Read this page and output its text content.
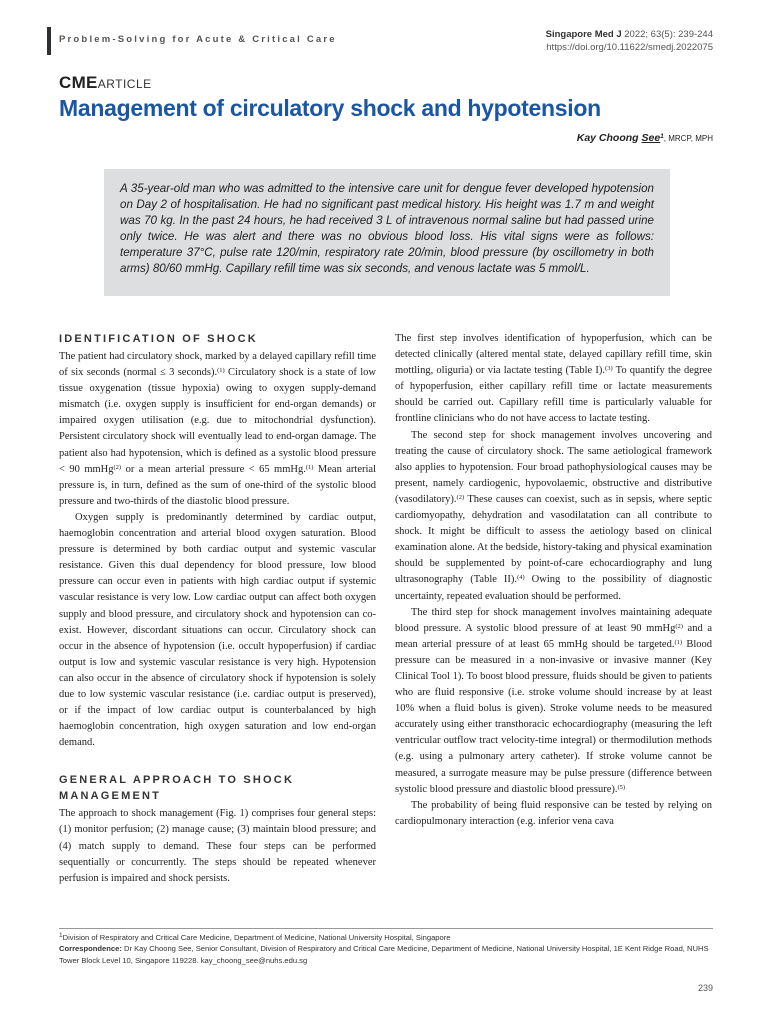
Problem-Solving for Acute & Critical Care	Singapore Med J 2022; 63(5): 239-244
https://doi.org/10.11622/smedj.2022075
CMEARTICLE
Management of circulatory shock and hypotension
Kay Choong See$^1$, MRCP, MPH

A 35-year-old man who was admitted to the intensive care unit for dengue fever developed hypotension on Day 2 of hospitalisation. He had no significant past medical history. His height was 1.7 m and weight was 70 kg. In the past 24 hours, he had received 3 L of intravenous normal saline but had passed urine only twice. He was alert and there was no obvious blood loss. His vital signs were as follows: temperature 37°C, pulse rate 120/min, respiratory rate 20/min, blood pressure (by oscillometry in both arms) 80/60 mmHg. Capillary refill time was six seconds, and venous lactate was 5 mmol/L.

IDENTIFICATION OF SHOCK

The patient had circulatory shock, marked by a delayed capillary refill time of six seconds (normal ≤ 3 seconds).$^{(1)}$ Circulatory shock is a state of low tissue oxygenation (tissue hypoxia) owing to oxygen supply-demand mismatch (i.e. oxygen supply is insufficient for end-organ demands) or impaired oxygen utilisation (e.g. due to mitochondrial dysfunction). Persistent circulatory shock will eventually lead to end-organ damage. The patient also had hypotension, which is defined as a systolic blood pressure < 90 mmHg$^{(2)}$ or a mean arterial pressure < 65 mmHg.$^{(1)}$ Mean arterial pressure is, in turn, defined as the sum of one-third of the systolic blood pressure and two-thirds of the diastolic blood pressure.

Oxygen supply is predominantly determined by cardiac output, haemoglobin concentration and arterial blood oxygen saturation. Blood pressure is determined by both cardiac output and systemic vascular resistance. Given this dual dependency for blood pressure, low blood pressure can occur even in patients with high cardiac output if systemic vascular resistance is very low. Low cardiac output can affect both oxygen supply and blood pressure, and circulatory shock and hypotension can co-exist. However, discordant situations can occur. Circulatory shock can occur in the absence of hypotension (i.e. occult hypoperfusion) if cardiac output is low and systemic vascular resistance is very high. Hypotension can also occur in the absence of circulatory shock if hypotension is solely due to low systemic vascular resistance (i.e. cardiac output is preserved), or if the impact of low cardiac output is counterbalanced by high haemoglobin concentration, high oxygen saturation and low end-organ demand.

GENERAL APPROACH TO SHOCK MANAGEMENT

The approach to shock management (Fig. 1) comprises four general steps: (1) monitor perfusion; (2) manage cause; (3) maintain blood pressure; and (4) match supply to demand. These four steps can be performed sequentially or concurrently. The steps should be repeated whenever perfusion is impaired and shock persists.

The first step involves identification of hypoperfusion, which can be detected clinically (altered mental state, delayed capillary refill time, skin mottling, oliguria) or via lactate testing (Table I).$^{(3)}$ To quantify the degree of hypoperfusion, either capillary refill time or lactate measurements should be carried out. Capillary refill time is particularly valuable for frontline clinicians who do not have access to lactate testing.

The second step for shock management involves uncovering and treating the cause of circulatory shock. The same aetiological framework also applies to hypotension. Four broad pathophysiological causes may be present, namely cardiogenic, hypovolaemic, obstructive and distributive (vasodilatory).$^{(2)}$ These causes can coexist, such as in sepsis, where septic cardiomyopathy, dehydration and vasodilatation can all contribute to shock. It might be difficult to assess the aetiology based on clinical examination alone. At the bedside, history-taking and physical examination should be supplemented by point-of-care echocardiography and lung ultrasonography (Table II).$^{(4)}$ Owing to the possibility of diagnostic uncertainty, repeated evaluation should be performed.

The third step for shock management involves maintaining adequate blood pressure. A systolic blood pressure of at least 90 mmHg$^{(2)}$ and a mean arterial pressure of at least 65 mmHg should be targeted.$^{(1)}$ Blood pressure can be measured in a non-invasive or invasive manner (Key Clinical Tool 1). To boost blood pressure, fluids should be given to patients who are fluid responsive (i.e. stroke volume should increase by at least 10% when a fluid bolus is given). Stroke volume needs to be measured accurately using either transthoracic echocardiography (measuring the left ventricular outflow tract velocity-time integral) or thermodilution methods (e.g. using a pulmonary artery catheter). If stroke volume cannot be measured, a surrogate measure may be pulse pressure (difference between systolic blood pressure and diastolic blood pressure).$^{(5)}$

The probability of being fluid responsive can be tested by relying on cardiopulmonary interaction (e.g. inferior vena cava

$^1$Division of Respiratory and Critical Care Medicine, Department of Medicine, National University Hospital, Singapore
Correspondence: Dr Kay Choong See, Senior Consultant, Division of Respiratory and Critical Care Medicine, Department of Medicine, National University Hospital, 1E Kent Ridge Road, NUHS Tower Block Level 10, Singapore 119228. kay_choong_see@nuhs.edu.sg
239
